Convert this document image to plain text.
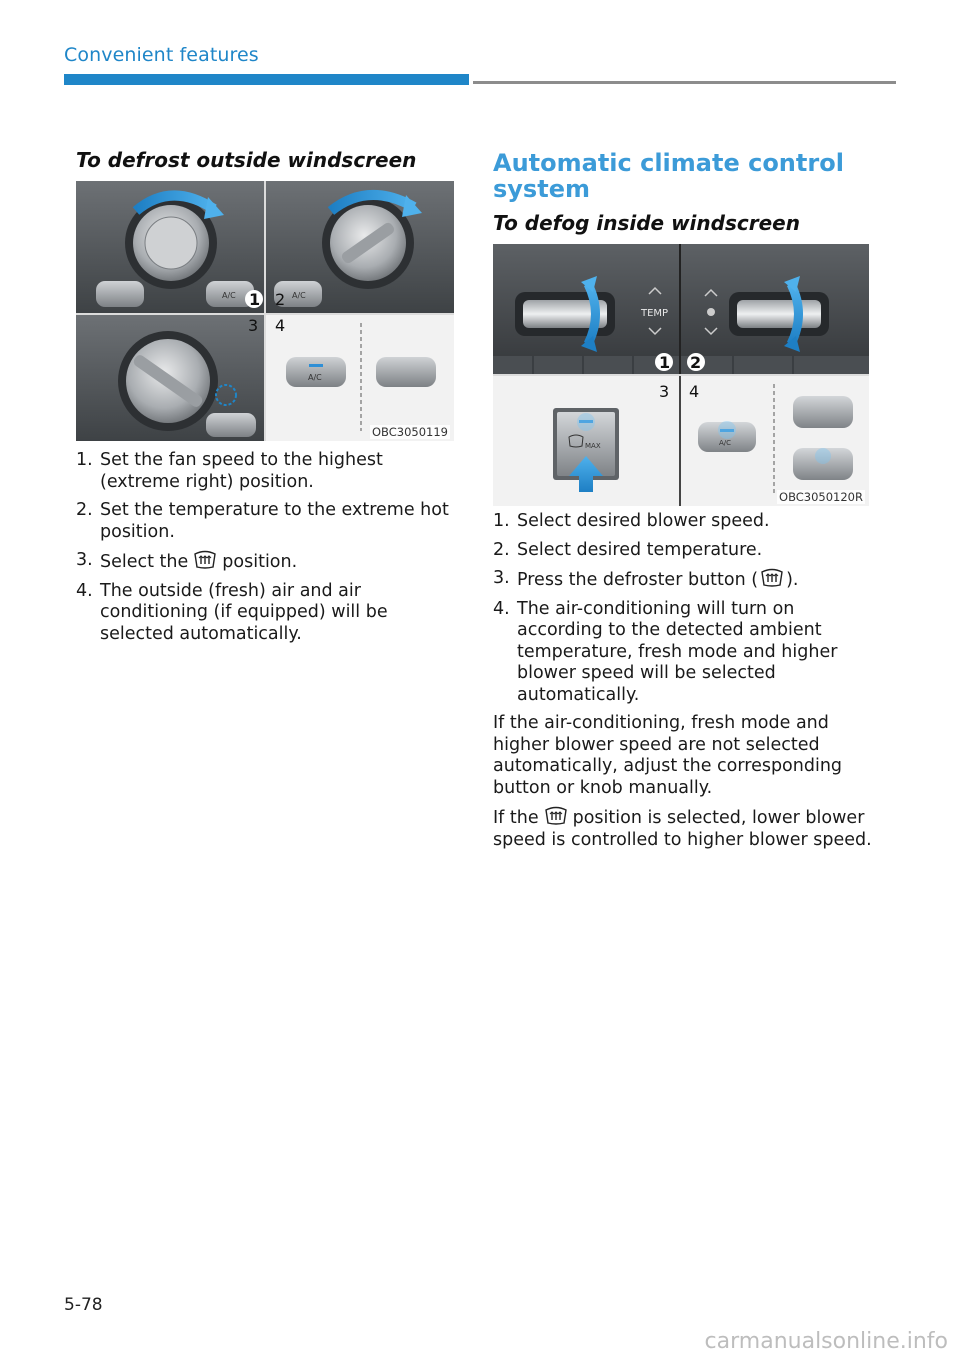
Convenient features
To defrost outside windscreen
A/C	A/C
A/C
1 2
3 4
OBC3050119
1. Set the fan speed to the highest (extreme right) position.
2. Set the temperature to the extreme hot position.
3. Select the position.
4. The outside (fresh) air and air conditioning (if equipped) will be selected automatically.
Automatic climate control system
To defog inside windscreen
TEMP
MAX	A/C
1 2
3 4
OBC3050120R
1. Select desired blower speed.
2. Select desired temperature.
3. Press the defroster button ( ).
4. The air-conditioning will turn on according to the detected ambient temperature, fresh mode and higher blower speed will be selected automatically.

If the air-conditioning, fresh mode and higher blower speed are not selected automatically, adjust the corresponding button or knob manually.

If the position is selected, lower blower speed is controlled to higher blower speed.

5-78
carmanualsonline.info
